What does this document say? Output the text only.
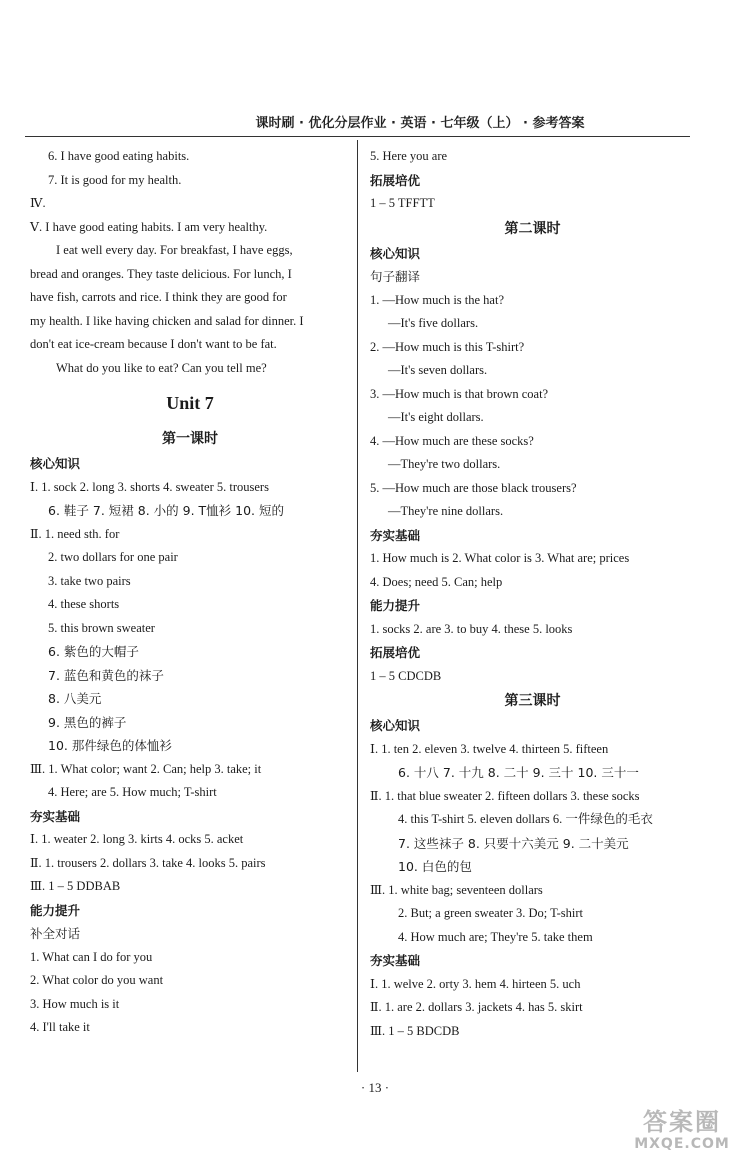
课时刷 · 优化分层作业 · 英语 · 七年级（上） · 参考答案
6. I have good eating habits.
7. It is good for my health.
Ⅳ.
Ⅴ. I have good eating habits. I am very healthy.
I eat well every day. For breakfast, I have eggs,
bread and oranges. They taste delicious. For lunch, I
have fish, carrots and rice. I think they are good for
my health. I like having chicken and salad for dinner. I
don't eat ice-cream because I don't want to be fat.
What do you like to eat? Can you tell me?
Unit 7
第一课时
核心知识
Ⅰ. 1. sock 2. long 3. shorts 4. sweater 5. trousers
6. 鞋子 7. 短裙 8. 小的 9. T恤衫 10. 短的
Ⅱ. 1. need sth. for
2. two dollars for one pair
3. take two pairs
4. these shorts
5. this brown sweater
6. 紫色的大帽子
7. 蓝色和黄色的袜子
8. 八美元
9. 黑色的裤子
10. 那件绿色的体恤衫
Ⅲ. 1. What color; want 2. Can; help 3. take; it
4. Here; are 5. How much; T-shirt
夯实基础
Ⅰ. 1. weater 2. long 3. kirts 4. ocks 5. acket
Ⅱ. 1. trousers 2. dollars 3. take 4. looks 5. pairs
Ⅲ. 1 – 5 DDBAB
能力提升
补全对话
1. What can I do for you
2. What color do you want
3. How much is it
4. I'll take it
5. Here you are
拓展培优
1 – 5 TFFTT
第二课时
核心知识
句子翻译
1. —How much is the hat?
—It's five dollars.
2. —How much is this T-shirt?
—It's seven dollars.
3. —How much is that brown coat?
—It's eight dollars.
4. —How much are these socks?
—They're two dollars.
5. —How much are those black trousers?
—They're nine dollars.
夯实基础
1. How much is 2. What color is 3. What are; prices
4. Does; need 5. Can; help
能力提升
1. socks 2. are 3. to buy 4. these 5. looks
拓展培优
1 – 5 CDCDB
第三课时
核心知识
Ⅰ. 1. ten 2. eleven 3. twelve 4. thirteen 5. fifteen
6. 十八 7. 十九 8. 二十 9. 三十 10. 三十一
Ⅱ. 1. that blue sweater 2. fifteen dollars 3. these socks
4. this T-shirt 5. eleven dollars 6. 一件绿色的毛衣
7. 这些袜子 8. 只要十六美元 9. 二十美元
10. 白色的包
Ⅲ. 1. white bag; seventeen dollars
2. But; a green sweater 3. Do; T-shirt
4. How much are; They're 5. take them
夯实基础
Ⅰ. 1. welve 2. orty 3. hem 4. hirteen 5. uch
Ⅱ. 1. are 2. dollars 3. jackets 4. has 5. skirt
Ⅲ. 1 – 5 BDCDB
· 13 ·
答案圈
MXQE.COM
